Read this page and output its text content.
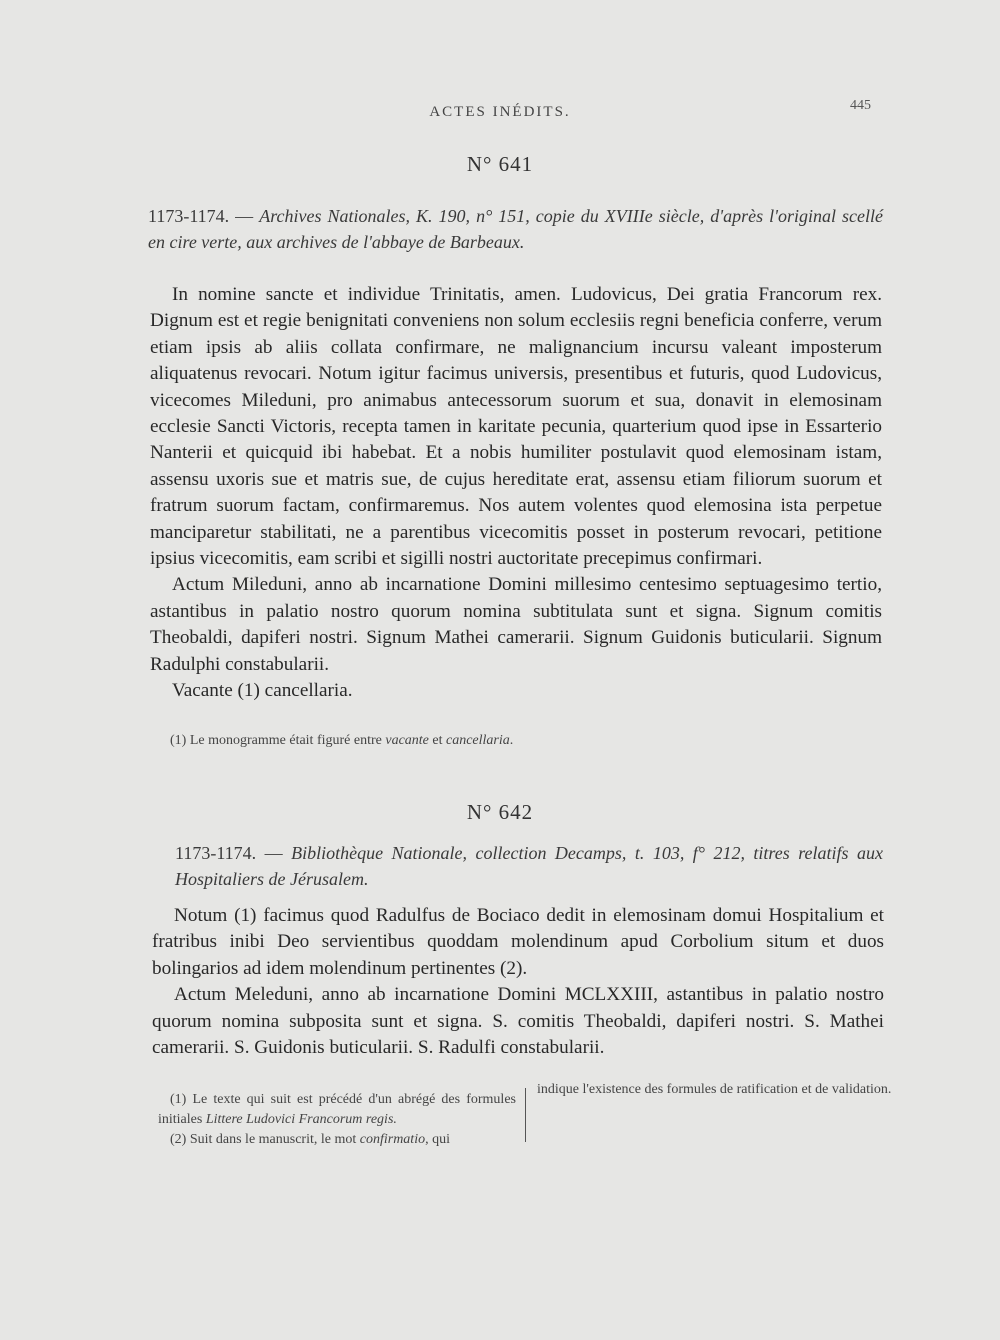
ACTES INÉDITS.	445
N° 641
1173-1174. — Archives Nationales, K. 190, n° 151, copie du XVIIIe siècle, d'après l'original scellé en cire verte, aux archives de l'abbaye de Barbeaux.

In nomine sancte et individue Trinitatis, amen. Ludovicus, Dei gratia Francorum rex. Dignum est et regie benignitati conveniens non solum ecclesiis regni beneficia conferre, verum etiam ipsis ab aliis collata confirmare, ne malignancium incursu valeant imposterum aliquatenus revocari. Notum igitur facimus universis, presentibus et futuris, quod Ludovicus, vicecomes Mileduni, pro animabus antecessorum suorum et sua, donavit in elemosinam ecclesie Sancti Victoris, recepta tamen in karitate pecunia, quarterium quod ipse in Essarterio Nanterii et quicquid ibi habebat. Et a nobis humiliter postulavit quod elemosinam istam, assensu uxoris sue et matris sue, de cujus hereditate erat, assensu etiam filiorum suorum et fratrum suorum factam, confirmaremus. Nos autem volentes quod elemosina ista perpetue manciparetur stabilitati, ne a parentibus vicecomitis posset in posterum revocari, petitione ipsius vicecomitis, eam scribi et sigilli nostri auctoritate precepimus confirmari.

Actum Mileduni, anno ab incarnatione Domini millesimo centesimo septuagesimo tertio, astantibus in palatio nostro quorum nomina subtitulata sunt et signa. Signum comitis Theobaldi, dapiferi nostri. Signum Mathei camerarii. Signum Guidonis buticularii. Signum Radulphi constabularii.

Vacante (1) cancellaria.

(1) Le monogramme était figuré entre vacante et cancellaria.
N° 642
1173-1174. — Bibliothèque Nationale, collection Decamps, t. 103, f° 212, titres relatifs aux Hospitaliers de Jérusalem.

Notum (1) facimus quod Radulfus de Bociaco dedit in elemosinam domui Hospitalium et fratribus inibi Deo servientibus quoddam molendinum apud Corbolium situm et duos bolingarios ad idem molendinum pertinentes (2).

Actum Meleduni, anno ab incarnatione Domini MCLXXIII, astantibus in palatio nostro quorum nomina subposita sunt et signa. S. comitis Theobaldi, dapiferi nostri. S. Mathei camerarii. S. Guidonis buticularii. S. Radulfi constabularii.

(1) Le texte qui suit est précédé d'un abrégé des formules initiales Littere Ludovici Francorum regis.

(2) Suit dans le manuscrit, le mot confirmatio, qui

indique l'existence des formules de ratification et de validation.
